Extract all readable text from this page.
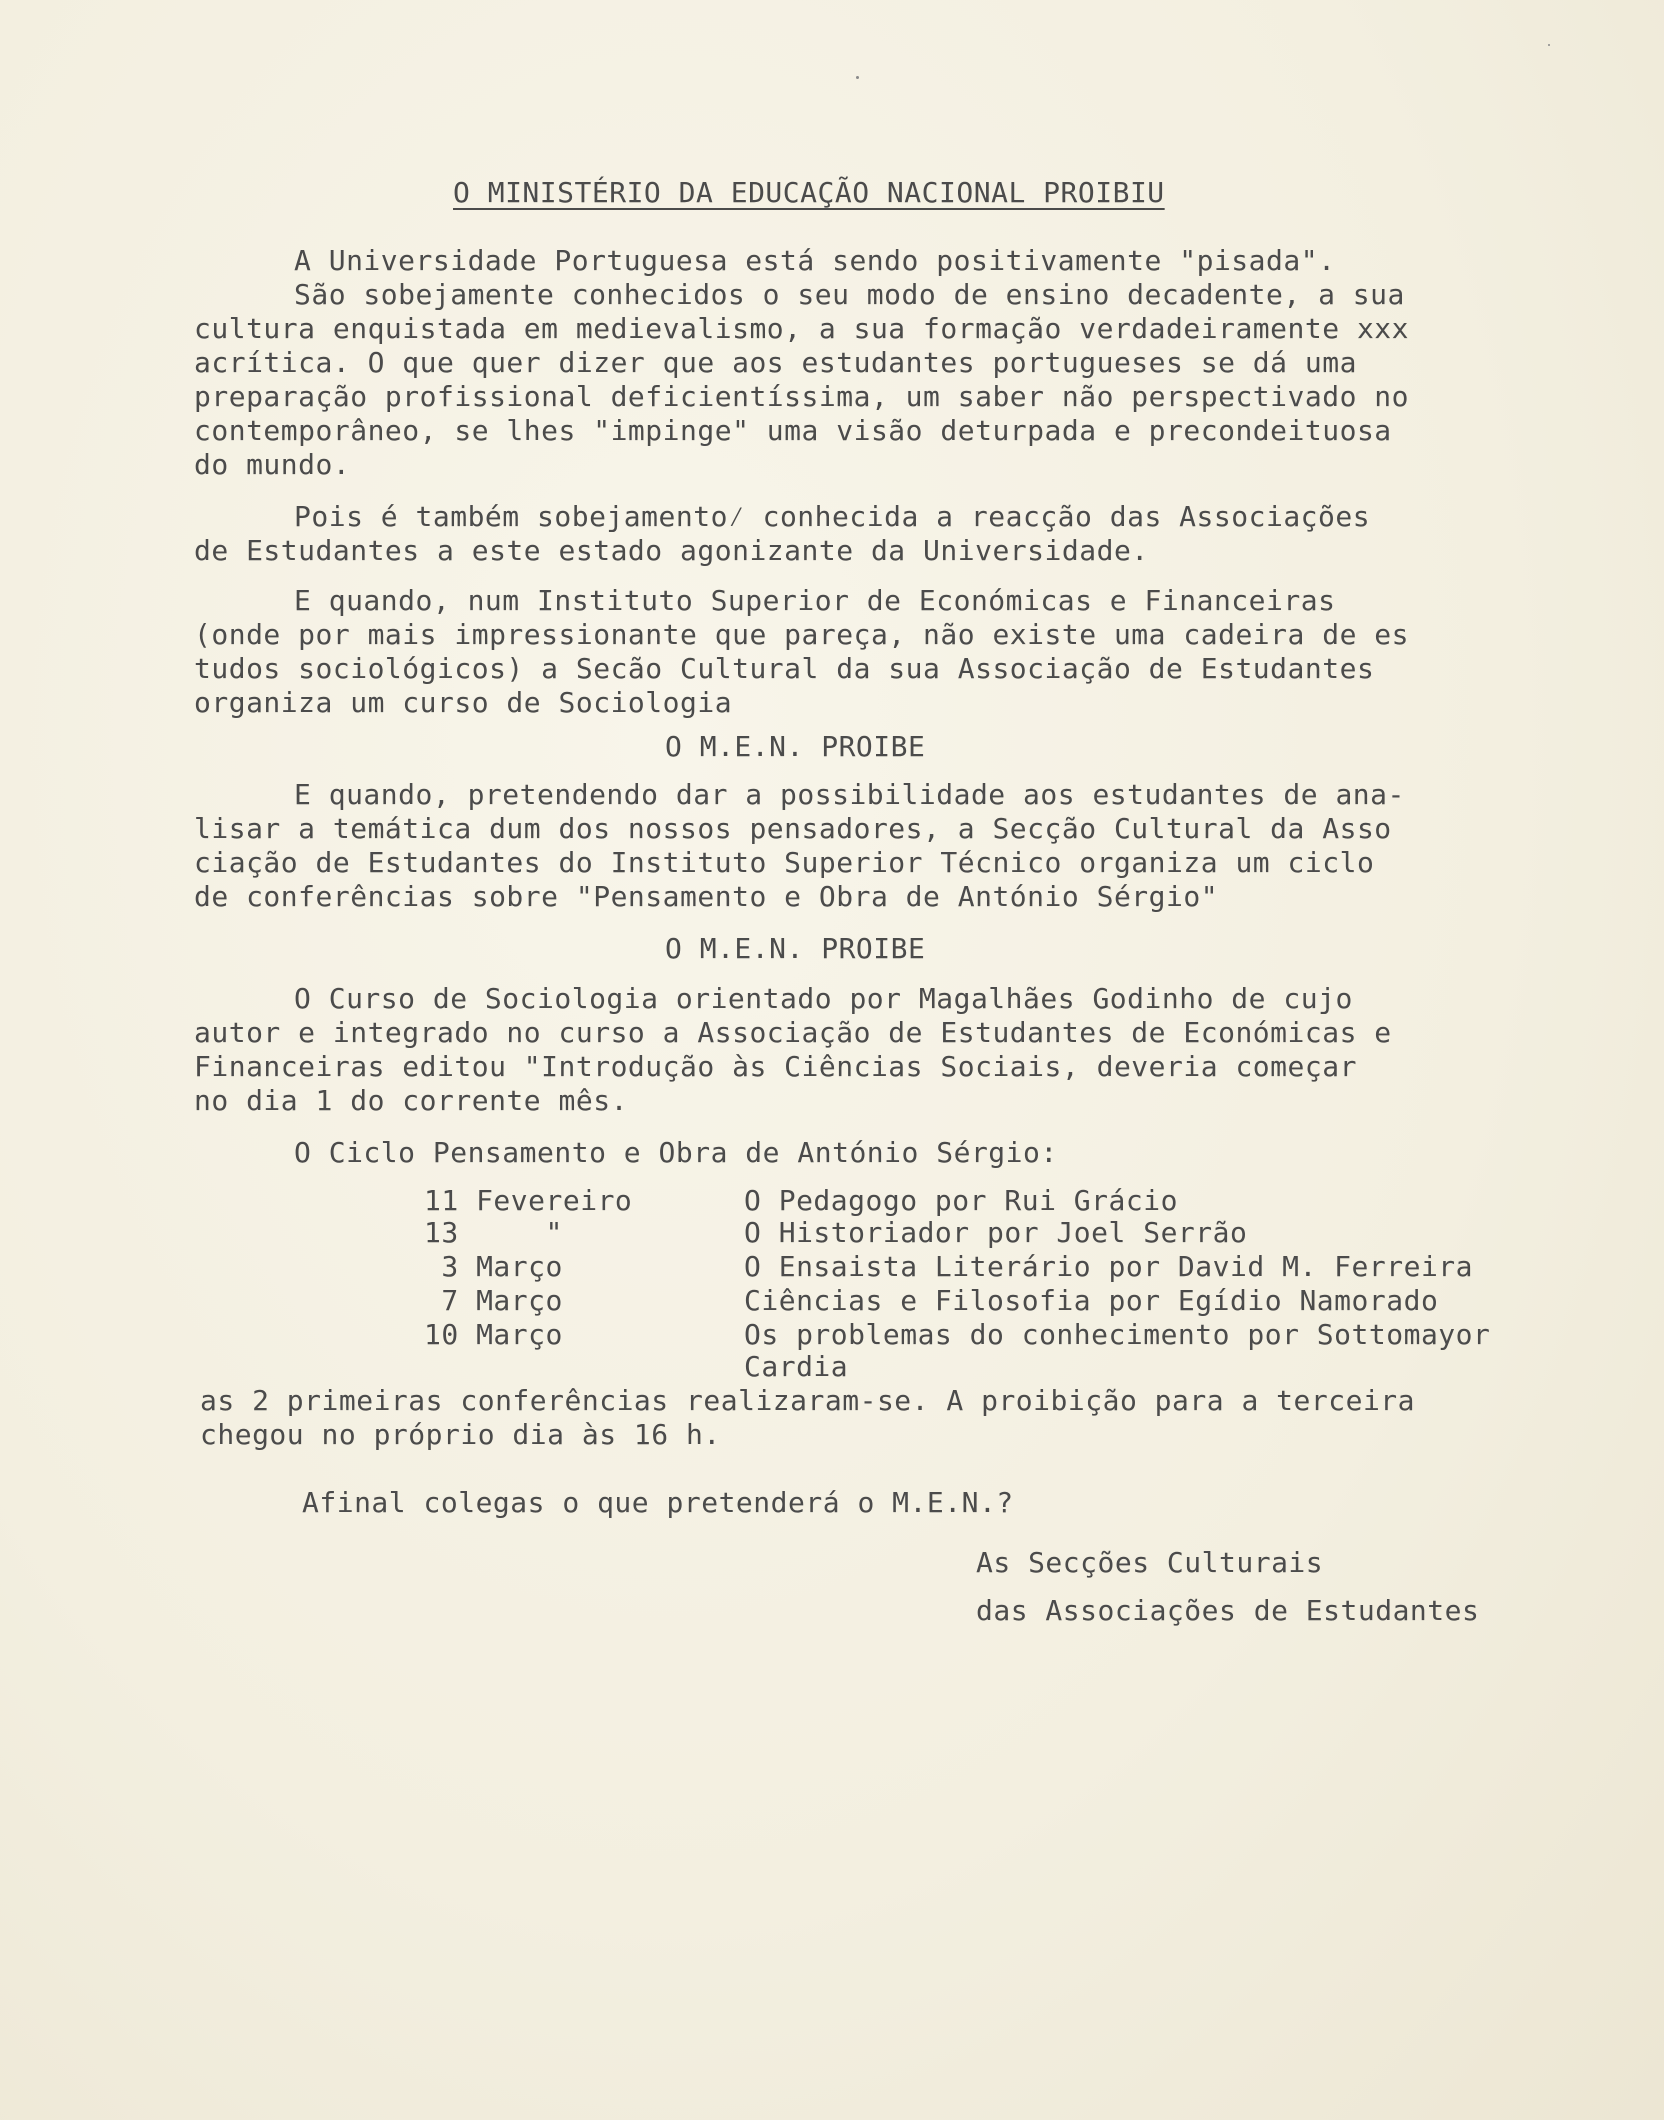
O MINISTÉRIO DA EDUCAÇÃO NACIONAL PROIBIU
A Universidade Portuguesa está sendo positivamente "pisada".
São sobejamente conhecidos o seu modo de ensino decadente, a sua
cultura enquistada em medievalismo, a sua formação verdadeiramente xxx
acrítica. O que quer dizer que aos estudantes portugueses se dá uma
preparação profissional deficientíssima, um saber não perspectivado no
contemporâneo, se lhes "impinge" uma visão deturpada e precondeituosa
do mundo.
Pois é também sobejamento⁄ conhecida a reacção das Associações
de Estudantes a este estado agonizante da Universidade.
E quando, num Instituto Superior de Económicas e Financeiras
(onde por mais impressionante que pareça, não existe uma cadeira de es
tudos sociológicos) a Secão Cultural da sua Associação de Estudantes
organiza um curso de Sociologia
O M.E.N. PROIBE
E quando, pretendendo dar a possibilidade aos estudantes de ana-
lisar a temática dum dos nossos pensadores, a Secção Cultural da Asso
ciação de Estudantes do Instituto Superior Técnico organiza um ciclo
de conferências sobre "Pensamento e Obra de António Sérgio"
O M.E.N. PROIBE
O Curso de Sociologia orientado por Magalhães Godinho de cujo
autor e integrado no curso a Associação de Estudantes de Económicas e
Financeiras editou "Introdução às Ciências Sociais, deveria começar
no dia 1 do corrente mês.
O Ciclo Pensamento e Obra de António Sérgio:
11 Fevereiro	O Pedagogo por Rui Grácio
13     "	O Historiador por Joel Serrão
3 Março	O Ensaista Literário por David M. Ferreira
7 Março	Ciências e Filosofia por Egídio Namorado
10 Março	Os problemas do conhecimento por Sottomayor
Cardia
as 2 primeiras conferências realizaram-se. A proibição para a terceira
chegou no próprio dia às 16 h.
Afinal colegas o que pretenderá o M.E.N.?
As Secções Culturais
das Associações de Estudantes
